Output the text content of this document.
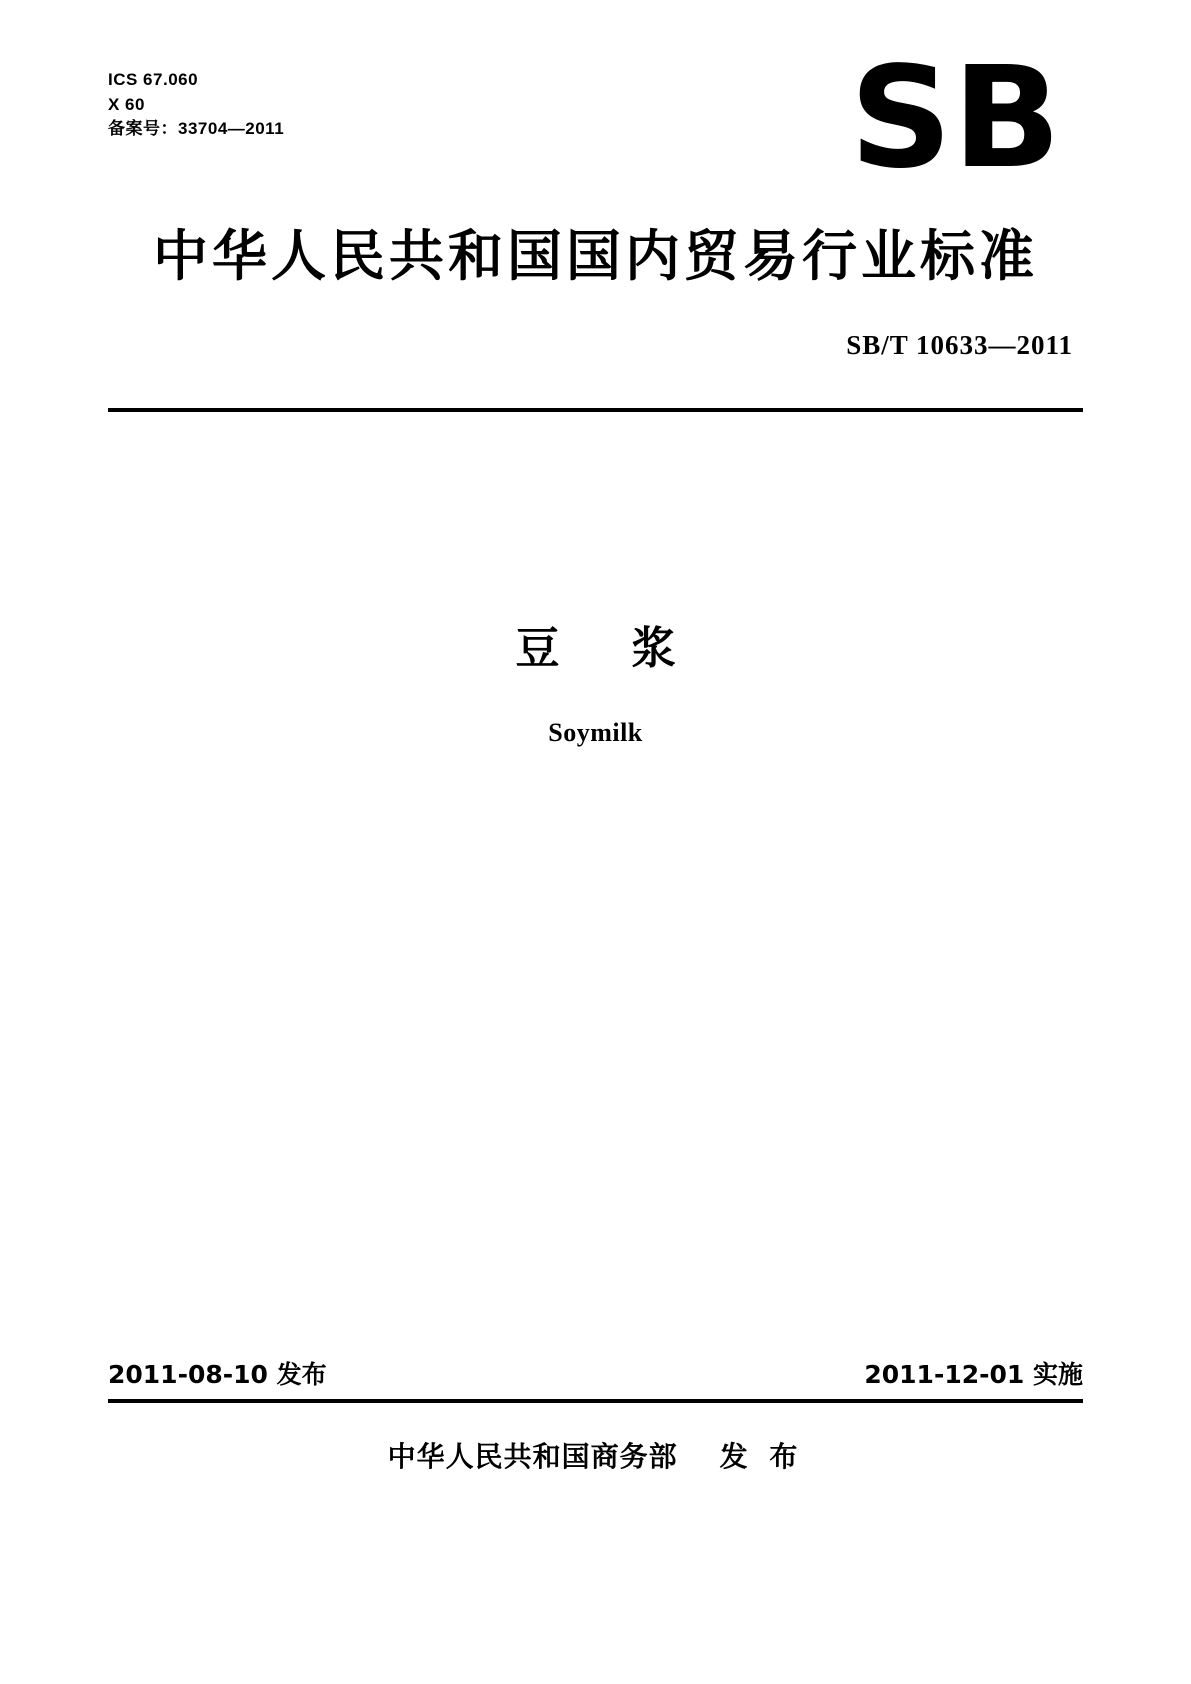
ICS 67.060
X 60
备案号：33704—2011	SB
中华人民共和国国内贸易行业标准
SB/T 10633—2011
豆浆
Soymilk
2011-08-10 发布	2011-12-01 实施
中华人民共和国商务部 发 布
